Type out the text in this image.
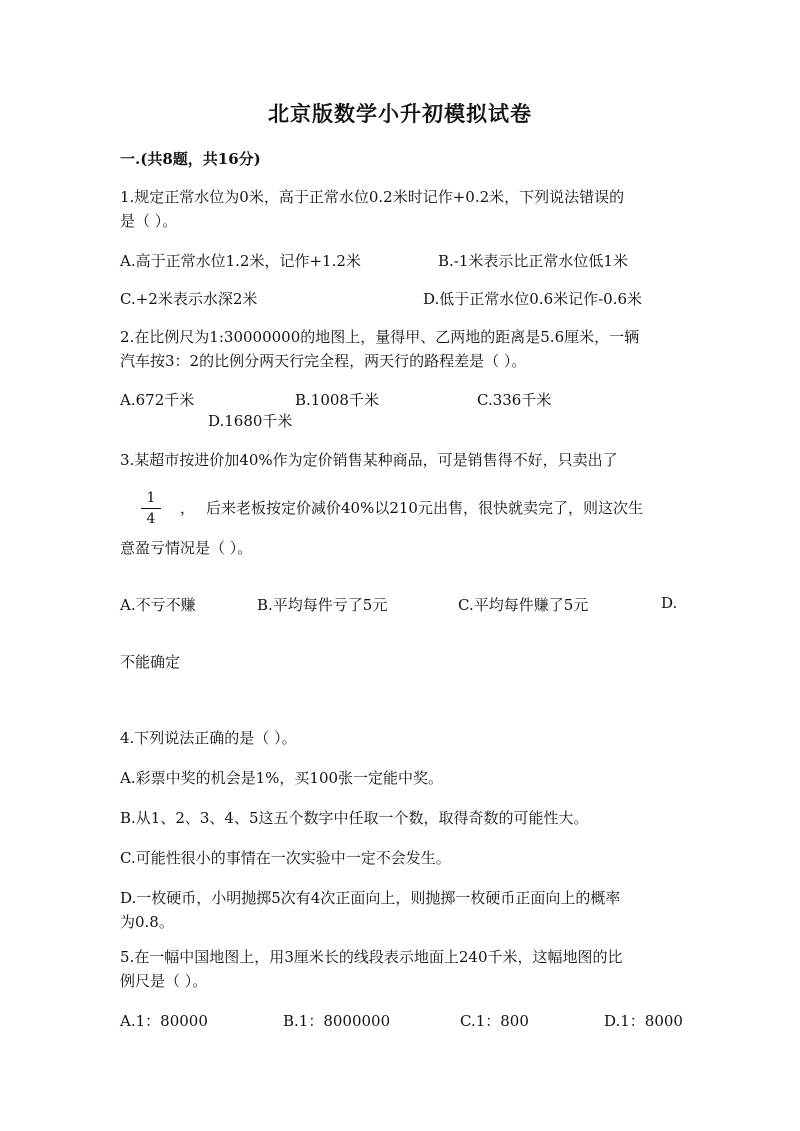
北京版数学小升初模拟试卷
一.(共8题，共16分)
1.规定正常水位为0米，高于正常水位0.2米时记作+0.2米，下列说法错误的
是（ ）。
A.高于正常水位1.2米，记作+1.2米	B.-1米表示比正常水位低1米
C.+2米表示水深2米	D.低于正常水位0.6米记作-0.6米
2.在比例尺为1:30000000的地图上，量得甲、乙两地的距离是5.6厘米，一辆
汽车按3：2的比例分两天行完全程，两天行的路程差是（ ）。
A.672千米	B.1008千米	C.336千米
D.1680千米
3.某超市按进价加40%作为定价销售某种商品，可是销售得不好，只卖出了
1
4
， 后来老板按定价减价40%以210元出售，很快就卖完了，则这次生
意盈亏情况是（ ）。
A.不亏不赚	B.平均每件亏了5元	C.平均每件赚了5元	D.
不能确定
4.下列说法正确的是（ ）。
A.彩票中奖的机会是1%，买100张一定能中奖。
B.从1、2、3、4、5这五个数字中任取一个数，取得奇数的可能性大。
C.可能性很小的事情在一次实验中一定不会发生。
D.一枚硬币，小明抛掷5次有4次正面向上，则抛掷一枚硬币正面向上的概率
为0.8。
5.在一幅中国地图上，用3厘米长的线段表示地面上240千米，这幅地图的比
例尺是（ ）。
A.1：80000	B.1：8000000	C.1：800	D.1：8000
